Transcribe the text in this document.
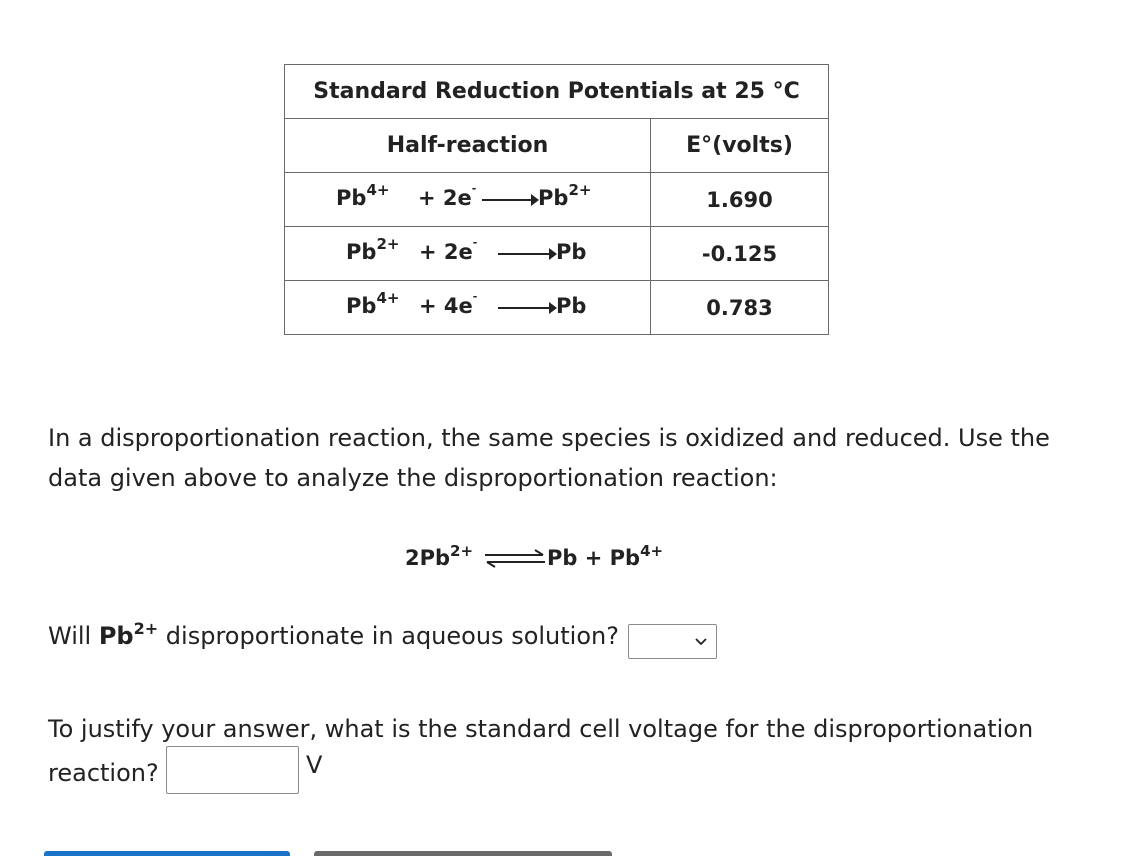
Standard Reduction Potentials at 25 °C
Half-reaction	E°(volts)
$Pb^{4+} + 2e^- \to Pb^{2+}$	1.690
$Pb^{2+} + 2e^- \to Pb$	-0.125
$Pb^{4+} + 4e^- \to Pb$	0.783
In a disproportionation reaction, the same species is oxidized and reduced. Use the data given above to analyze the disproportionation reaction:
$2Pb^{2+}$ ⇌ $Pb + Pb^{4+}$
Will $Pb^{2+}$ disproportionate in aqueous solution?
To justify your answer, what is the standard cell voltage for the disproportionation reaction?	V
